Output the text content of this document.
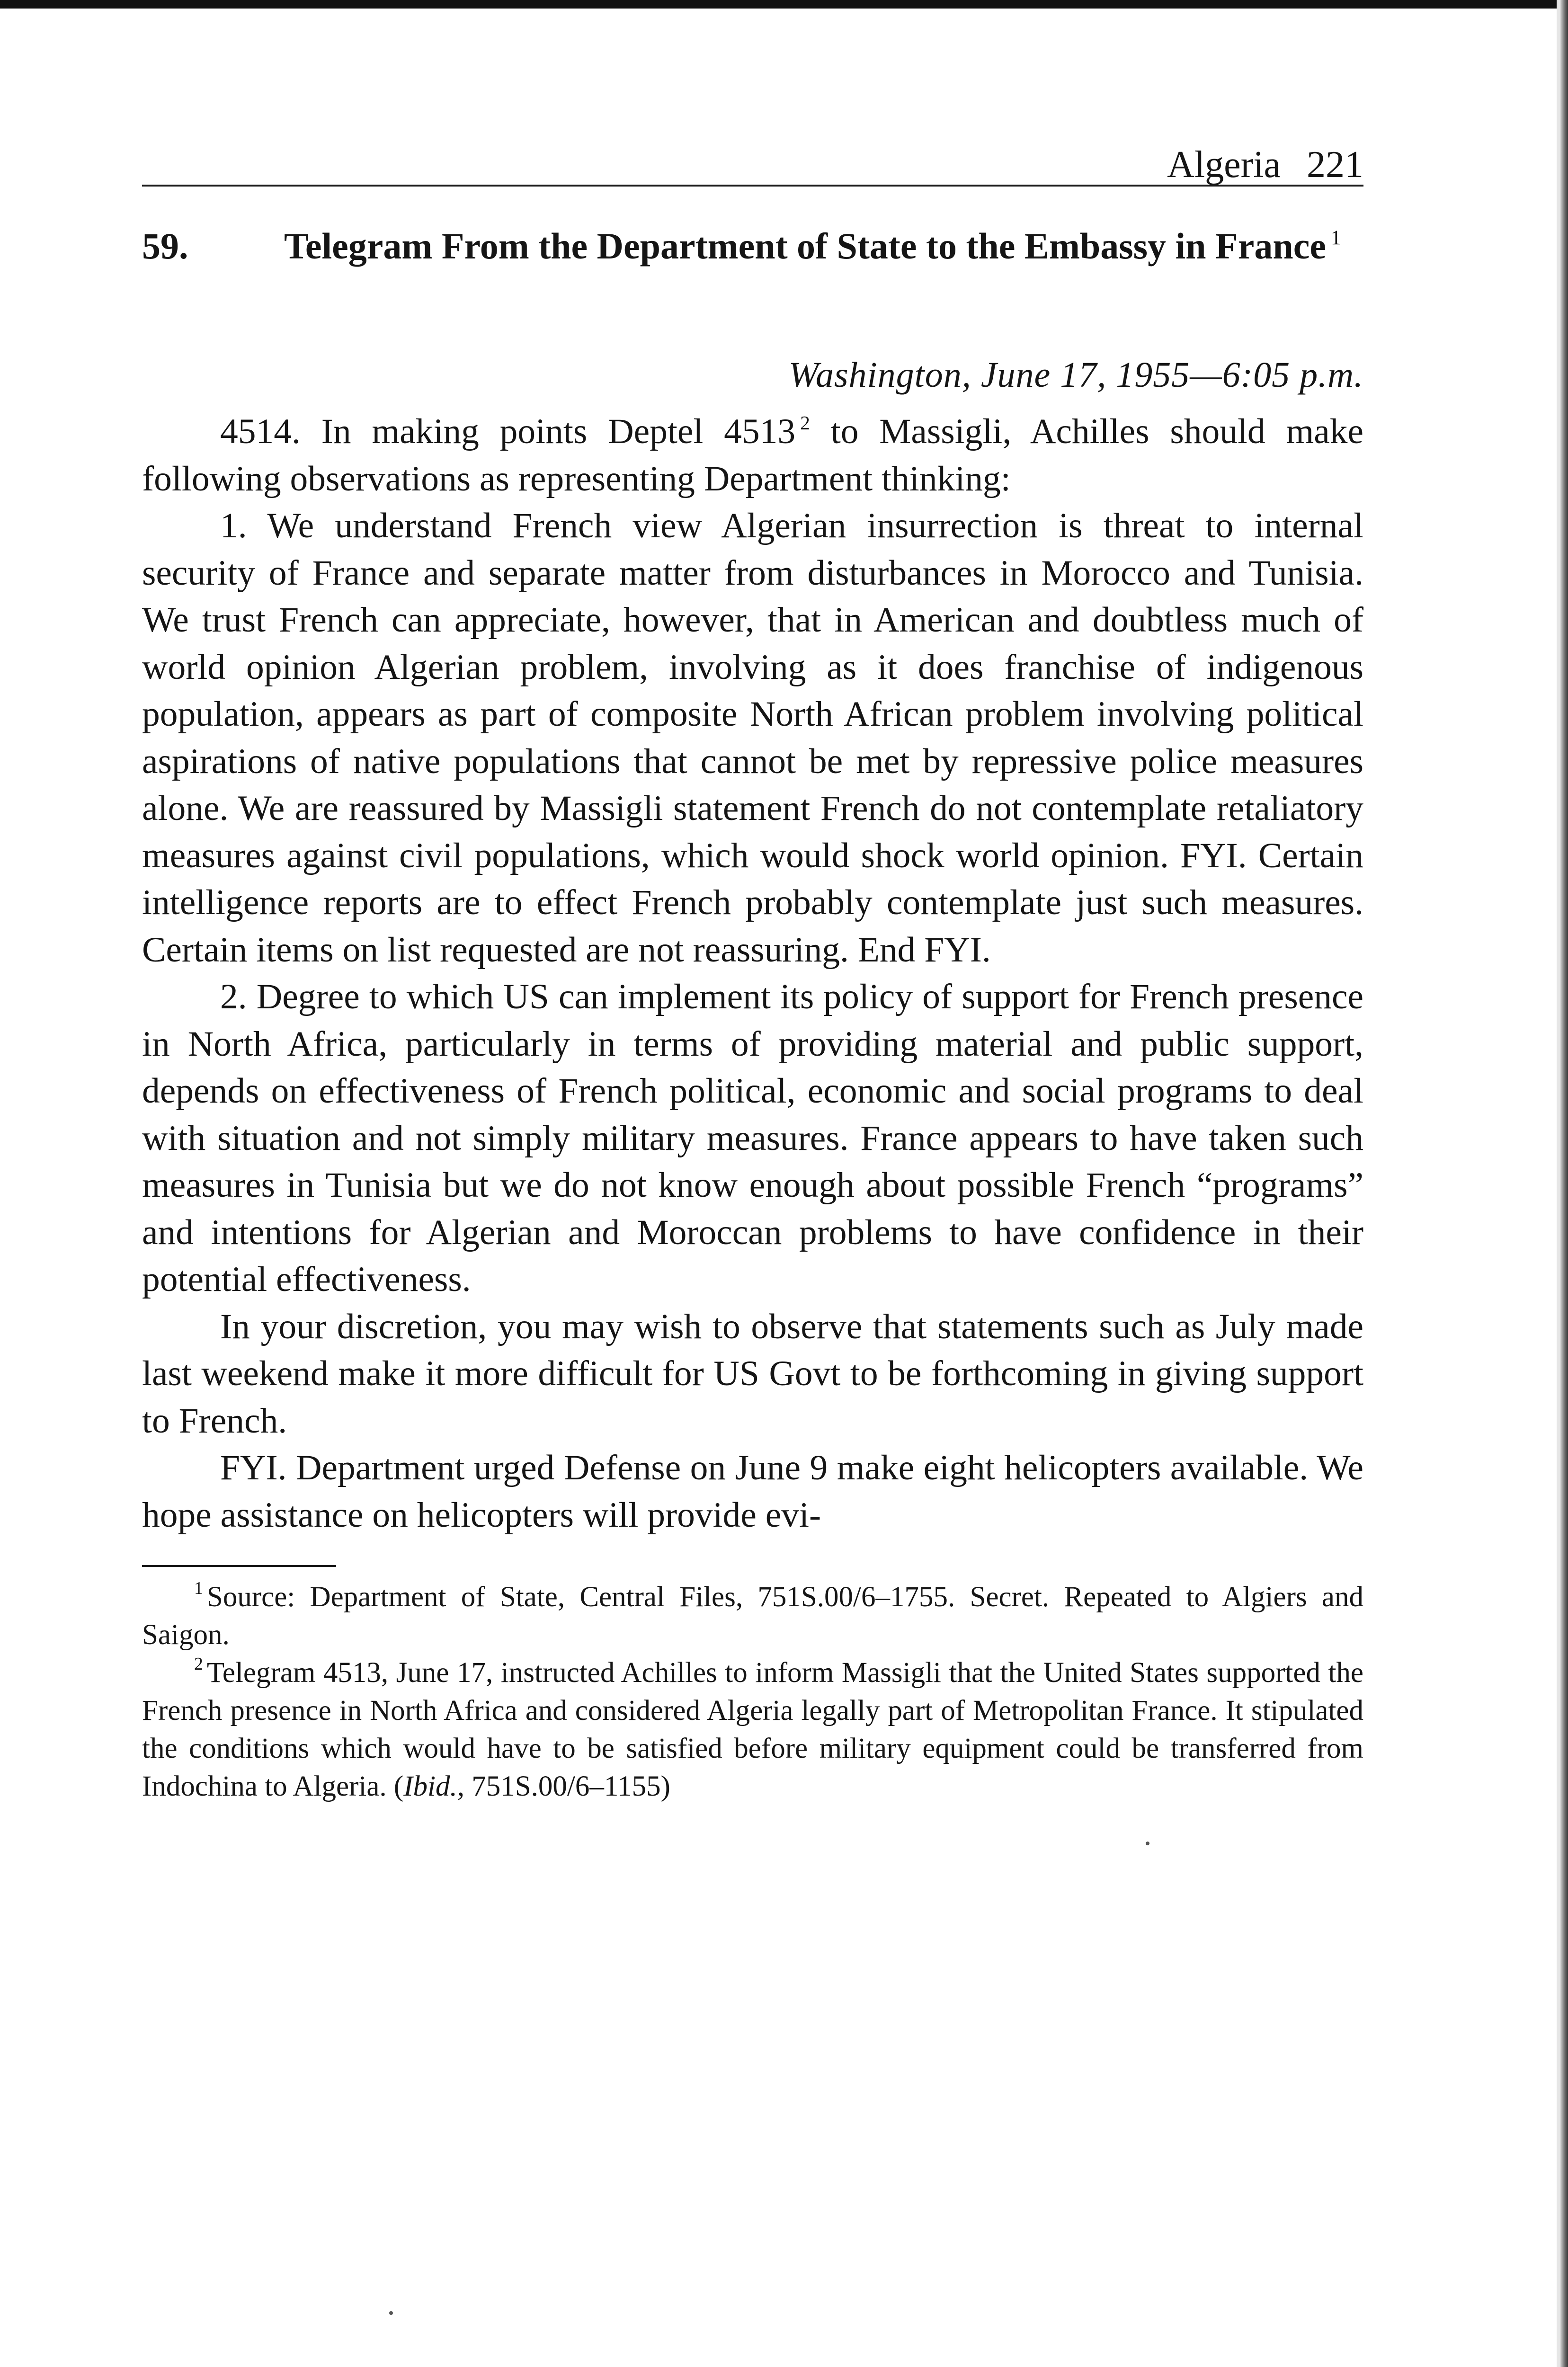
Algeria 221
59.	Telegram From the Department of State to the Embassy in France $^1$
Washington, June 17, 1955—6:05 p.m.

4514. In making points Deptel 4513 $^2$ to Massigli, Achilles should make following observations as representing Department thinking:

1. We understand French view Algerian insurrection is threat to internal security of France and separate matter from disturbances in Morocco and Tunisia. We trust French can appreciate, however, that in American and doubtless much of world opinion Algerian problem, involving as it does franchise of indigenous population, appears as part of composite North African problem involving political aspirations of native populations that cannot be met by repressive police measures alone. We are reassured by Massigli statement French do not contemplate retaliatory measures against civil populations, which would shock world opinion. FYI. Certain intelligence reports are to effect French probably contemplate just such measures. Certain items on list requested are not reassuring. End FYI.

2. Degree to which US can implement its policy of support for French presence in North Africa, particularly in terms of providing material and public support, depends on effectiveness of French political, economic and social programs to deal with situation and not simply military measures. France appears to have taken such measures in Tunisia but we do not know enough about possible French “programs” and intentions for Algerian and Moroccan problems to have confidence in their potential effectiveness.

In your discretion, you may wish to observe that statements such as July made last weekend make it more difficult for US Govt to be forthcoming in giving support to French.

FYI. Department urged Defense on June 9 make eight helicopters available. We hope assistance on helicopters will provide evi-

$^1$ Source: Department of State, Central Files, 751S.00/6–1755. Secret. Repeated to Algiers and Saigon.

$^2$ Telegram 4513, June 17, instructed Achilles to inform Massigli that the United States supported the French presence in North Africa and considered Algeria legally part of Metropolitan France. It stipulated the conditions which would have to be satisfied before military equipment could be transferred from Indochina to Algeria. (Ibid., 751S.00/6–1155)
